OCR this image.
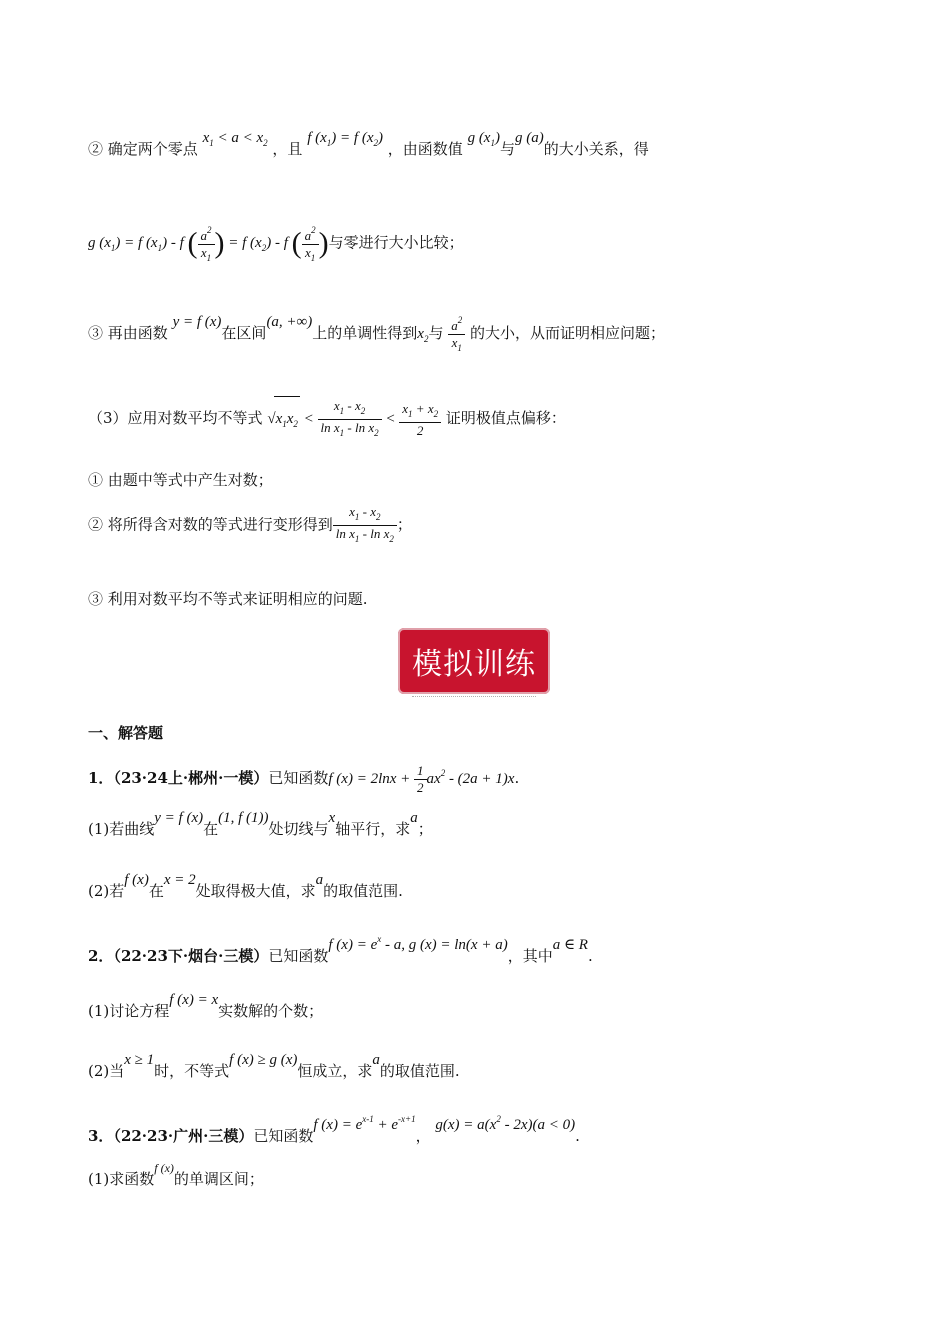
② 确定两个零点 $x_1 < a < x_2$ ，且 f $(x_1) = f$ $(x_2)$ ，由函数值 g $(x_1)$与g (a)的大小关系，得
g $(x_1) = f$ $(x_1)$ - f ( $\frac{a^2}{x_1}$ ) = f $(x_2)$ - f ( $\frac{a^2}{x_1}$ )与零进行大小比较；
③ 再由函数 y = f (x)在区间(a, +∞)上的单调性得到$x_2$与 $\frac{a^2}{x_1}$ 的大小，从而证明相应问题；
（3）应用对数平均不等式 $√x_1x_2 < \frac{x_1 - x_2}{\ln x_1 - \ln x_2} < \frac{x_1 + x_2}{2}$ 证明极值点偏移：
① 由题中等式中产生对数；
② 将所得含对数的等式进行变形得到 $\frac{x_1 - x_2}{\ln x_1 - \ln x_2}$ ；
③ 利用对数平均不等式来证明相应的问题.
模拟训练
一、解答题
1．（23·24上·郴州·一模）已知函数f $(x) = 2\ln x + \frac{1}{2} ax^2 - (2a + 1)x$.
(1)若曲线y = f (x)在(1, f (1))处切线与x轴平行，求a；
(2)若f (x)在x = 2处取得极大值，求a的取值范围.
2．（22·23下·烟台·三模）已知函数f $(x) = e^x - a$, g (x) = ln(x + a)，其中a ∈ R.
(1)讨论方程f (x) = x实数解的个数；
(2)当x ≥ 1时，不等式f (x) ≥ g (x)恒成立，求a的取值范围.
3．（22·23·广州·三模）已知函数f $(x) = e^{x-1} + e^{-x+1}$， $g(x) = a(x^2 - 2x)(a < 0)$.
(1)求函数$^{f (x)}$的单调区间；
